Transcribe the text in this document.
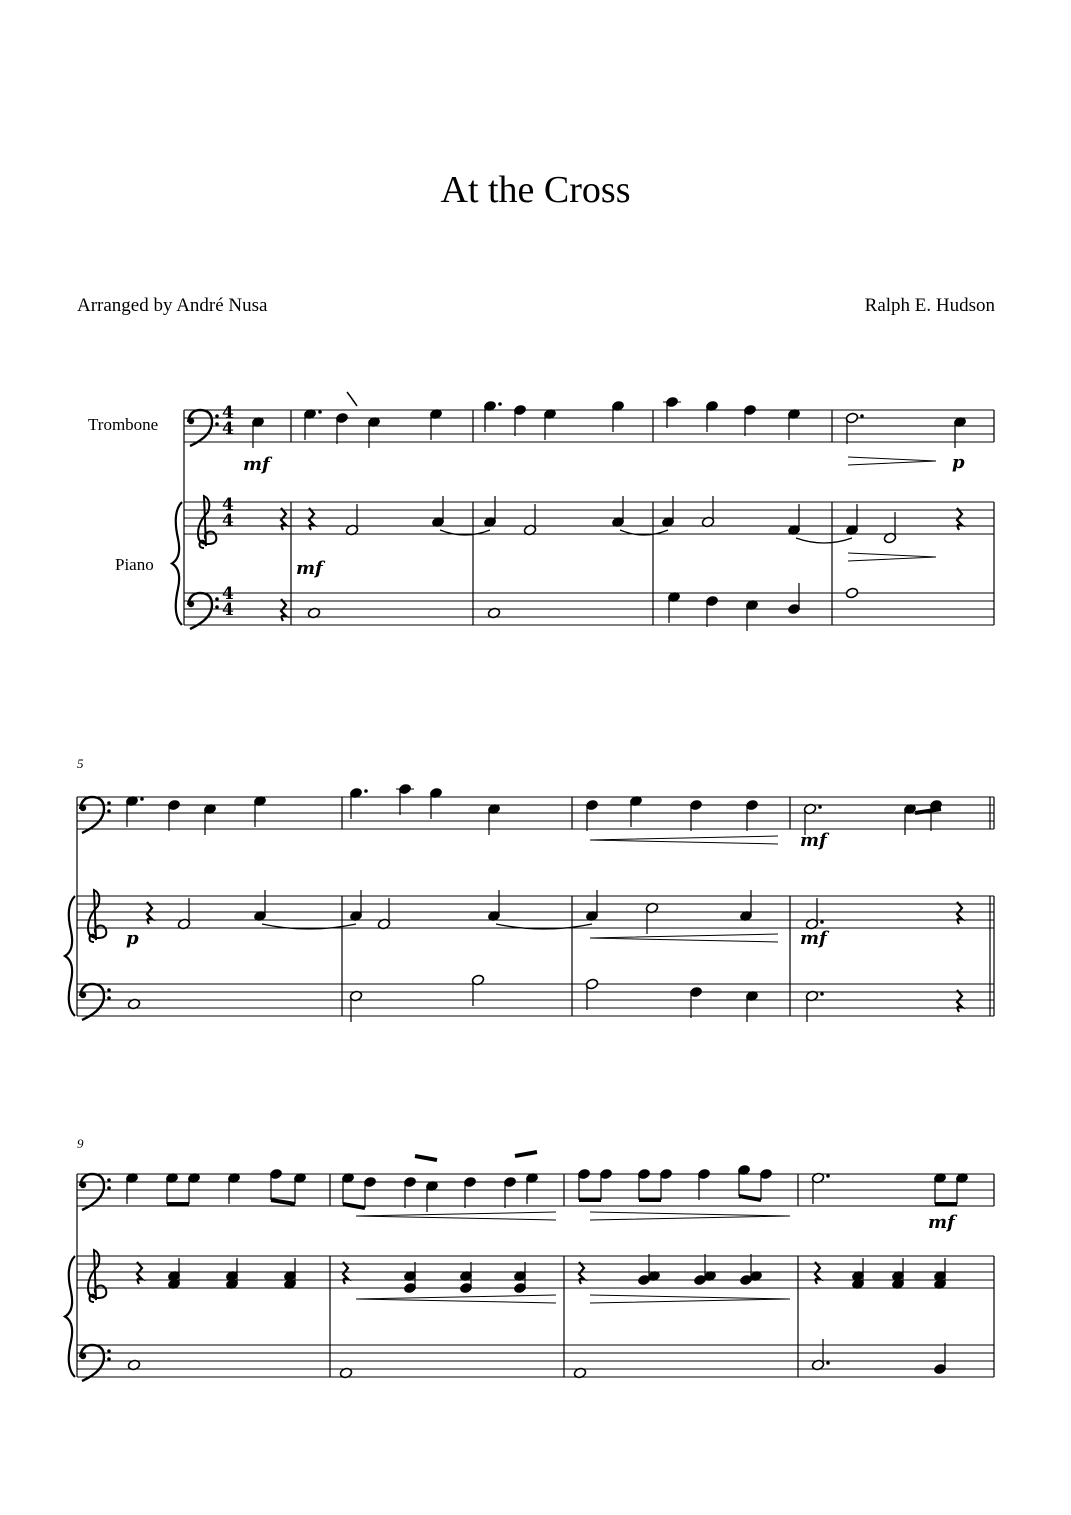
At the Cross
Arranged by André Nusa	Ralph E. Hudson
Trombone
Piano
5
9
4
4
4
4
4
4
mf	p
mf
mf
p	mf
mf
